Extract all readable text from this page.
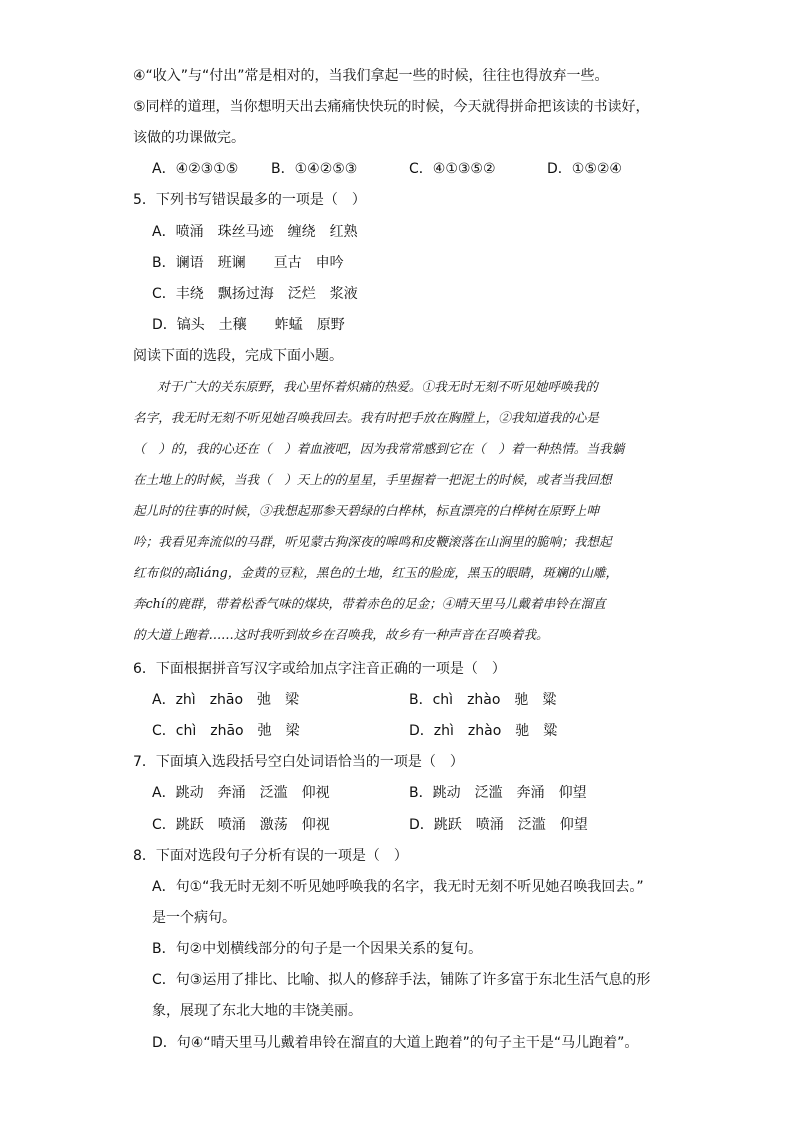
④“收入”与“付出”常是相对的，当我们拿起一些的时候，往往也得放弃一些。
⑤同样的道理，当你想明天出去痛痛快快玩的时候，今天就得拼命把该读的书读好，
该做的功课做完。
A．④②③①⑤ B．①④②⑤③	C．④①③⑤②	D．①⑤②④
5．下列书写错误最多的一项是（　）
A．喷涌　珠丝马迹　缠绕　红熟
B．谰语　班谰　　亘古　申吟
C．丰绕　飘扬过海　泛烂　浆液
D．镐头　土穰　　蚱蜢　原野
阅读下面的选段，完成下面小题。
对于广大的关东原野，我心里怀着炽痛的热爱。①我无时无刻不听见她呼唤我的
名字，我无时无刻不听见她召唤我回去。我有时把手放在胸膛上，②我知道我的心是
（　）的，我的心还在（　）着血液吧，因为我常常感到它在（　）着一种热情。当我躺
在土地上的时候，当我（　）天上的的星星，手里握着一把泥土的时候，或者当我回想
起儿时的往事的时候，③我想起那参天碧绿的白桦林，标直漂亮的白桦树在原野上呻
吟；我看见奔流似的马群，听见蒙古狗深夜的嗥鸣和皮鞭滚落在山涧里的脆响；我想起
红布似的高liáng，金黄的豆粒，黑色的土地，红玉的脸庞，黑玉的眼睛，斑斓的山雕，
奔chí的鹿群，带着松香气味的煤块，带着赤色的足金；④晴天里马儿戴着串铃在溜直
的大道上跑着……这时我听到故乡在召唤我，故乡有一种声音在召唤着我。
6．下面根据拼音写汉字或给加点字注音正确的一项是（　）
A．zhì　zhāo　弛　梁	B．chì　zhào　驰　粱
C．chì　zhāo　弛　梁	D．zhì　zhào　驰　粱
7．下面填入选段括号空白处词语恰当的一项是（　）
A．跳动　奔涌　泛滥　仰视	B．跳动　泛滥　奔涌　仰望
C．跳跃　喷涌　激荡　仰视	D．跳跃　喷涌　泛滥　仰望
8．下面对选段句子分析有误的一项是（　）
A．句①“我无时无刻不听见她呼唤我的名字，我无时无刻不听见她召唤我回去。”
是一个病句。
B．句②中划横线部分的句子是一个因果关系的复句。
C．句③运用了排比、比喻、拟人的修辞手法，铺陈了许多富于东北生活气息的形
象，展现了东北大地的丰饶美丽。
D．句④“晴天里马儿戴着串铃在溜直的大道上跑着”的句子主干是“马儿跑着”。
